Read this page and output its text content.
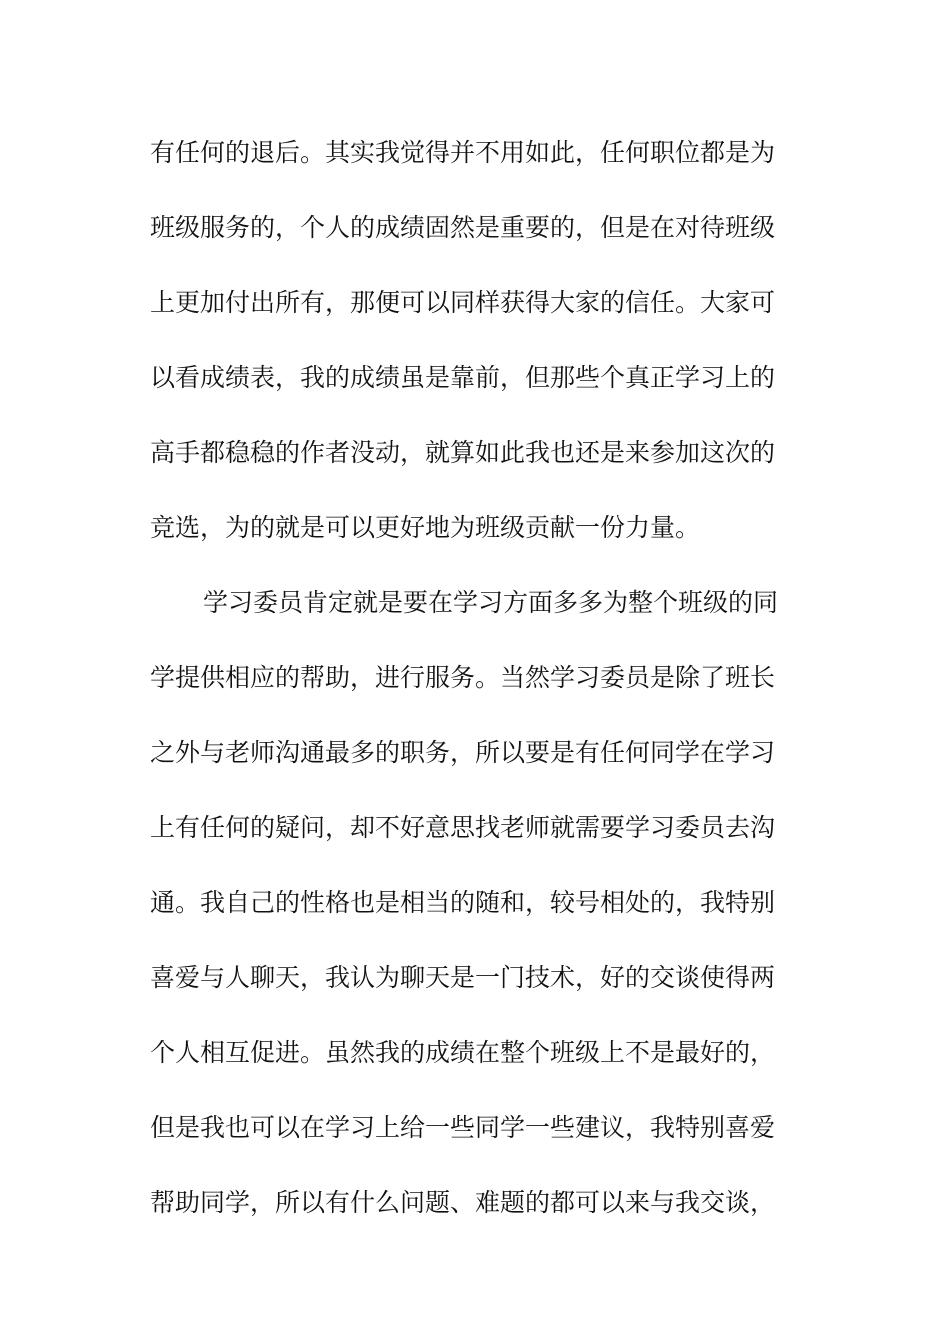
有任何的退后。其实我觉得并不用如此，任何职位都是为
班级服务的，个人的成绩固然是重要的，但是在对待班级
上更加付出所有，那便可以同样获得大家的信任。大家可
以看成绩表，我的成绩虽是靠前，但那些个真正学习上的
高手都稳稳的作者没动，就算如此我也还是来参加这次的
竞选，为的就是可以更好地为班级贡献一份力量。
学习委员肯定就是要在学习方面多多为整个班级的同
学提供相应的帮助，进行服务。当然学习委员是除了班长
之外与老师沟通最多的职务，所以要是有任何同学在学习
上有任何的疑问，却不好意思找老师就需要学习委员去沟
通。我自己的性格也是相当的随和，较号相处的，我特别
喜爱与人聊天，我认为聊天是一门技术，好的交谈使得两
个人相互促进。虽然我的成绩在整个班级上不是最好的，
但是我也可以在学习上给一些同学一些建议，我特别喜爱
帮助同学，所以有什么问题、难题的都可以来与我交谈，
